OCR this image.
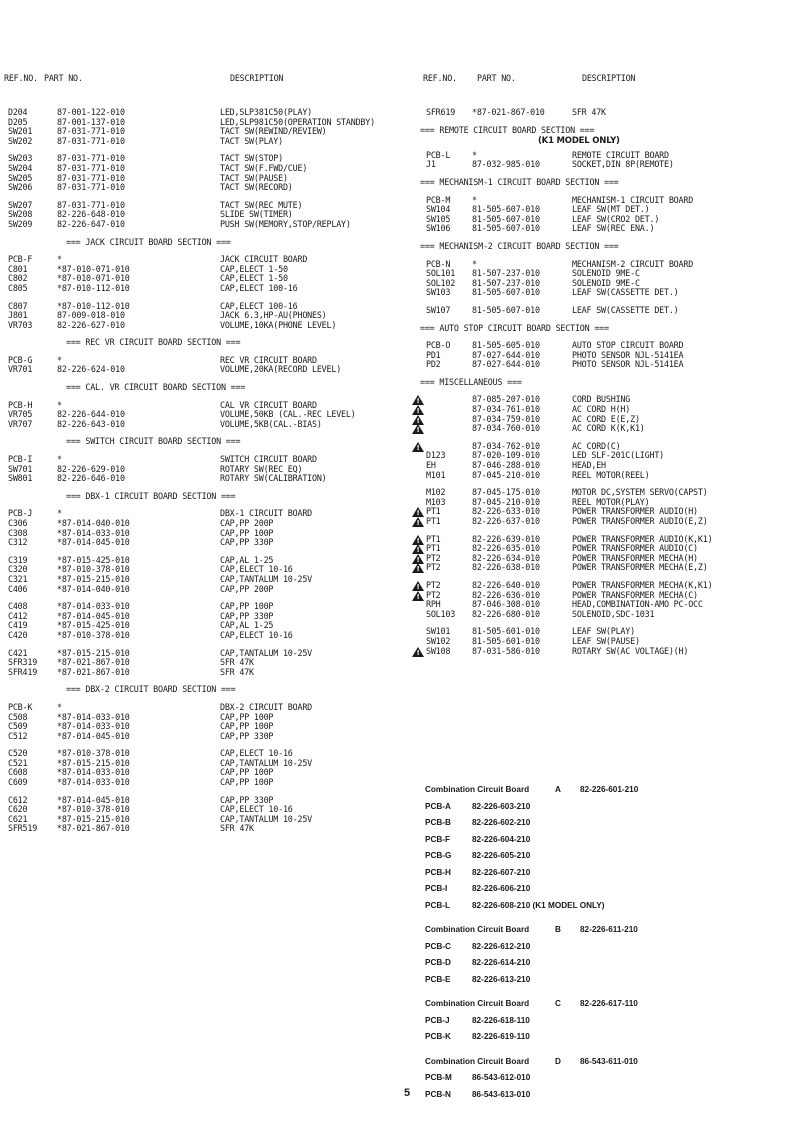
REF.NO. PART NO.	DESCRIPTION
D204	87-001-122-010	LED,SLP381C50(PLAY)
D205	87-001-137-010	LED,SLP981C50(OPERATION STANDBY)
SW201	87-031-771-010	TACT SW(REWIND/REVIEW)
SW202	87-031-771-010	TACT SW(PLAY)
SW203	87-031-771-010	TACT SW(STOP)
SW204	87-031-771-010	TACT SW(F.FWD/CUE)
SW205	87-031-771-010	TACT SW(PAUSE)
SW206	87-031-771-010	TACT SW(RECORD)
SW207	87-031-771-010	TACT SW(REC MUTE)
SW208	82-226-648-010	SLIDE SW(TIMER)
SW209	82-226-647-010	PUSH SW(MEMORY,STOP/REPLAY)
=== JACK CIRCUIT BOARD SECTION ===
PCB-F	*	JACK CIRCUIT BOARD
C801	*87-010-071-010	CAP,ELECT 1-50
C802	*87-010-071-010	CAP,ELECT 1-50
C805	*87-010-112-010	CAP,ELECT 100-16
C807	*87-010-112-010	CAP,ELECT 100-16
J801	87-009-018-010	JACK 6.3,HP-AU(PHONES)
VR703	82-226-627-010	VOLUME,10KA(PHONE LEVEL)
=== REC VR CIRCUIT BOARD SECTION ===
PCB-G	*	REC VR CIRCUIT BOARD
VR701	82-226-624-010	VOLUME,20KA(RECORD LEVEL)
=== CAL. VR CIRCUIT BOARD SECTION ===
PCB-H	*	CAL VR CIRCUIT BOARD
VR705	82-226-644-010	VOLUME,50KB (CAL.-REC LEVEL)
VR707	82-226-643-010	VOLUME,5KB(CAL.-BIAS)
=== SWITCH CIRCUIT BOARD SECTION ===
PCB-I	*	SWITCH CIRCUIT BOARD
SW701	82-226-629-010	ROTARY SW(REC EQ)
SW801	82-226-646-010	ROTARY SW(CALIBRATION)
=== DBX-1 CIRCUIT BOARD SECTION ===
PCB-J	*	DBX-1 CIRCUIT BOARD
C306	*87-014-040-010	CAP,PP 200P
C308	*87-014-033-010	CAP,PP 100P
C312	*87-014-045-010	CAP,PP 330P
C319	*87-015-425-010	CAP,AL 1-25
C320	*87-010-378-010	CAP,ELECT 10-16
C321	*87-015-215-010	CAP,TANTALUM 10-25V
C406	*87-014-040-010	CAP,PP 200P
C408	*87-014-033-010	CAP,PP 100P
C412	*87-014-045-010	CAP,PP 330P
C419	*87-015-425-010	CAP,AL 1-25
C420	*87-010-378-010	CAP,ELECT 10-16
C421	*87-015-215-010	CAP,TANTALUM 10-25V
SFR319 *87-021-867-010	SFR 47K
SFR419 *87-021-867-010	SFR 47K
=== DBX-2 CIRCUIT BOARD SECTION ===
PCB-K	*	DBX-2 CIRCUIT BOARD
C508	*87-014-033-010	CAP,PP 100P
C509	*87-014-033-010	CAP,PP 100P
C512	*87-014-045-010	CAP,PP 330P
C520	*87-010-378-010	CAP,ELECT 10-16
C521	*87-015-215-010	CAP,TANTALUM 10-25V
C608	*87-014-033-010	CAP,PP 100P
C609	*87-014-033-010	CAP,PP 100P
C612	*87-014-045-010	CAP,PP 330P
C620	*87-010-378-010	CAP,ELECT 10-16
C621	*87-015-215-010	CAP,TANTALUM 10-25V
SFR519 *87-021-867-010	SFR 47K
REF.NO. PART NO.	DESCRIPTION
SFR619 *87-021-867-010	SFR 47K
=== REMOTE CIRCUIT BOARD SECTION ===
(K1 MODEL ONLY)
PCB-L	*	REMOTE CIRCUIT BOARD
J1	87-032-985-010	SOCKET,DIN 8P(REMOTE)
=== MECHANISM-1 CIRCUIT BOARD SECTION ===
PCB-M	*	MECHANISM-1 CIRCUIT BOARD
SW104	81-505-607-010	LEAF SW(MT DET.)
SW105	81-505-607-010	LEAF SW(CRO2 DET.)
SW106	81-505-607-010	LEAF SW(REC ENA.)
=== MECHANISM-2 CIRCUIT BOARD SECTION ===
PCB-N	*	MECHANISM-2 CIRCUIT BOARD
SOL101 81-507-237-010	SOLENOID 9ME-C
SOL102 81-507-237-010	SOLENOID 9ME-C
SW103	81-505-607-010	LEAF SW(CASSETTE DET.)
SW107	81-505-607-010	LEAF SW(CASSETTE DET.)
=== AUTO STOP CIRCUIT BOARD SECTION ===
PCB-O	81-505-605-010	AUTO STOP CIRCUIT BOARD
PD1	87-027-644-010	PHOTO SENSOR NJL-5141EA
PD2	87-027-644-010	PHOTO SENSOR NJL-5141EA
=== MISCELLANEOUS ===
!
87-085-207-010	CORD BUSHING
!
87-034-761-010	AC CORD H(H)
!
87-034-759-010	AC CORD E(E,Z)
!
87-034-760-010	AC CORD K(K,K1)
!
87-034-762-010	AC CORD(C)
D123	87-020-109-010	LED SLF-201C(LIGHT)
EH	87-046-288-010	HEAD,EH
M101	87-045-210-010	REEL MOTOR(REEL)
M102	87-045-175-010	MOTOR DC,SYSTEM SERVO(CAPST)
M103	87-045-210-010	REEL MOTOR(PLAY)
!
PT1	82-226-633-010	POWER TRANSFORMER AUDIO(H)
!
PT1	82-226-637-010	POWER TRANSFORMER AUDIO(E,Z)
!
PT1	82-226-639-010	POWER TRANSFORMER AUDIO(K,K1)
!
PT1	82-226-635-010	POWER TRANSFORMER AUDIO(C)
!
PT2	82-226-634-010	POWER TRANSFORMER MECHA(H)
!
PT2	82-226-638-010	POWER TRANSFORMER MECHA(E,Z)
!
PT2	82-226-640-010	POWER TRANSFORMER MECHA(K,K1)
!
PT2	82-226-636-010	POWER TRANSFORMER MECHA(C)
RPH	87-046-308-010	HEAD,COMBINATION-AMO PC-OCC
SOL103 82-226-680-010	SOLENOID,SDC-1031
SW101	81-505-601-010	LEAF SW(PLAY)
SW102	81-505-601-010	LEAF SW(PAUSE)
!
SW108	87-031-586-010	ROTARY SW(AC VOLTAGE)(H)
Combination Circuit Board	A 82-226-601-210
PCB-A	82-226-603-210
PCB-B	82-226-602-210
PCB-F	82-226-604-210
PCB-G	82-226-605-210
PCB-H	82-226-607-210
PCB-I	82-226-606-210
PCB-L	82-226-608-210 (K1 MODEL ONLY)
Combination Circuit Board	B 82-226-611-210
PCB-C	82-226-612-210
PCB-D	82-226-614-210
PCB-E	82-226-613-210
Combination Circuit Board	C 82-226-617-110
PCB-J	82-226-618-110
PCB-K	82-226-619-110
Combination Circuit Board	D 86-543-611-010
PCB-M 86-543-612-010
PCB-N	86-543-613-010
5
